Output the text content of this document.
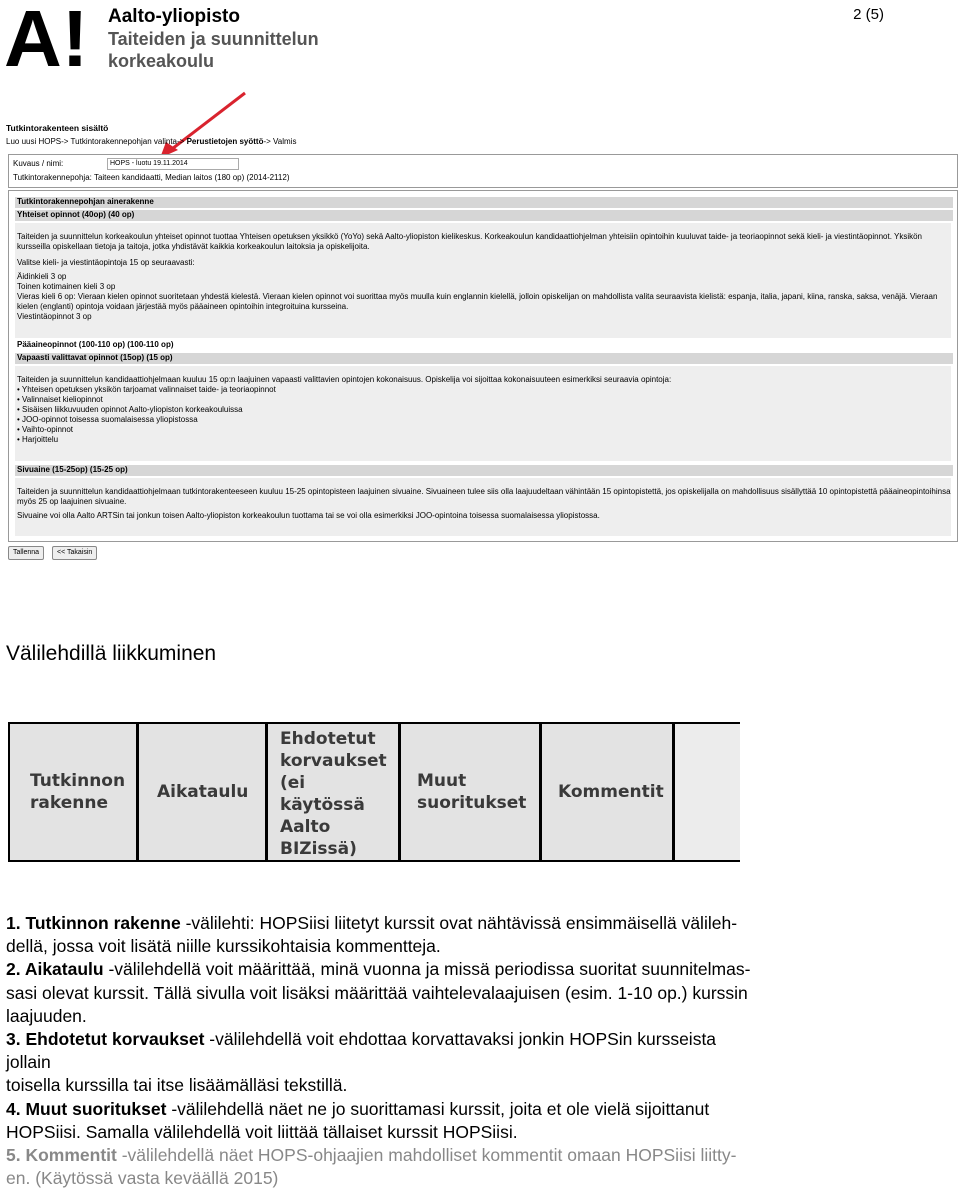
A! Aalto-yliopisto
Taiteiden ja suunnittelun
korkeakoulu
2 (5)
Tutkintorakenteen sisältö
Luo uusi HOPS-> Tutkintorakennepohjan valinta-> Perustietojen syöttö-> Valmis
Kuvaus / nimi:	HOPS - luotu 19.11.2014
Tutkintorakennepohja: Taiteen kandidaatti, Median laitos (180 op) (2014-2112)
Tutkintorakennepohjan ainerakenne
Yhteiset opinnot (40op) (40 op)

Taiteiden ja suunnittelun korkeakoulun yhteiset opinnot tuottaa Yhteisen opetuksen yksikkö (YoYo) sekä Aalto-yliopiston kielikeskus. Korkeakoulun kandidaattiohjelman yhteisiin opintoihin kuuluvat taide- ja teoriaopinnot sekä kieli- ja viestintäopinnot. Yksikön kursseilla opiskellaan tietoja ja taitoja, jotka yhdistävät kaikkia korkeakoulun laitoksia ja opiskelijoita.

Valitse kieli- ja viestintäopintoja 15 op seuraavasti:

Äidinkieli 3 op

Toinen kotimainen kieli 3 op

Vieras kieli 6 op: Vieraan kielen opinnot suoritetaan yhdestä kielestä. Vieraan kielen opinnot voi suorittaa myös muulla kuin englannin kielellä, jolloin opiskelijan on mahdollista valita seuraavista kielistä: espanja, italia, japani, kiina, ranska, saksa, venäjä. Vieraan kielen (englanti) opintoja voidaan järjestää myös pääaineen opintoihin integroituina kursseina.

Viestintäopinnot 3 op

Pääaineopinnot (100-110 op) (100-110 op)
Vapaasti valittavat opinnot (15op) (15 op)

Taiteiden ja suunnittelun kandidaattiohjelmaan kuuluu 15 op:n laajuinen vapaasti valittavien opintojen kokonaisuus. Opiskelija voi sijoittaa kokonaisuuteen esimerkiksi seuraavia opintoja:

• Yhteisen opetuksen yksikön tarjoamat valinnaiset taide- ja teoriaopinnot

• Valinnaiset kieliopinnot

• Sisäisen liikkuvuuden opinnot Aalto-yliopiston korkeakouluissa

• JOO-opinnot toisessa suomalaisessa yliopistossa

• Vaihto-opinnot

• Harjoittelu

Sivuaine (15-25op) (15-25 op)

Taiteiden ja suunnittelun kandidaattiohjelmaan tutkintorakenteeseen kuuluu 15-25 opintopisteen laajuinen sivuaine. Sivuaineen tulee siis olla laajuudeltaan vähintään 15 opintopistettä, jos opiskelijalla on mahdollisuus sisällyttää 10 opintopistettä pääaineopintoihinsa myös 25 op laajuinen sivuaine.

Sivuaine voi olla Aalto ARTSin tai jonkun toisen Aalto-yliopiston korkeakoulun tuottama tai se voi olla esimerkiksi JOO-opintoina toisessa suomalaisessa yliopistossa.

Tallenna	<< Takaisin
Välilehdillä liikkuminen
Tutkinnon
rakenne
Aikataulu
Ehdotetut
korvaukset
(ei
käytössä
Aalto
BIZissä)
Muut
suoritukset
Kommentit

1. Tutkinnon rakenne -välilehti: HOPSiisi liitetyt kurssit ovat nähtävissä ensimmäisellä välileh-

dellä, jossa voit lisätä niille kurssikohtaisia kommentteja.

2. Aikataulu -välilehdellä voit määrittää, minä vuonna ja missä periodissa suoritat suunnitelmas-

sasi olevat kurssit. Tällä sivulla voit lisäksi määrittää vaihtelevalaajuisen (esim. 1-10 op.) kurssin

laajuuden.

3. Ehdotetut korvaukset -välilehdellä voit ehdottaa korvattavaksi jonkin HOPSin kursseista

jollain

toisella kurssilla tai itse lisäämälläsi tekstillä.

4. Muut suoritukset -välilehdellä näet ne jo suorittamasi kurssit, joita et ole vielä sijoittanut

HOPSiisi. Samalla välilehdellä voit liittää tällaiset kurssit HOPSiisi.

5. Kommentit -välilehdellä näet HOPS-ohjaajien mahdolliset kommentit omaan HOPSiisi liitty-

en. (Käytössä vasta keväällä 2015)
